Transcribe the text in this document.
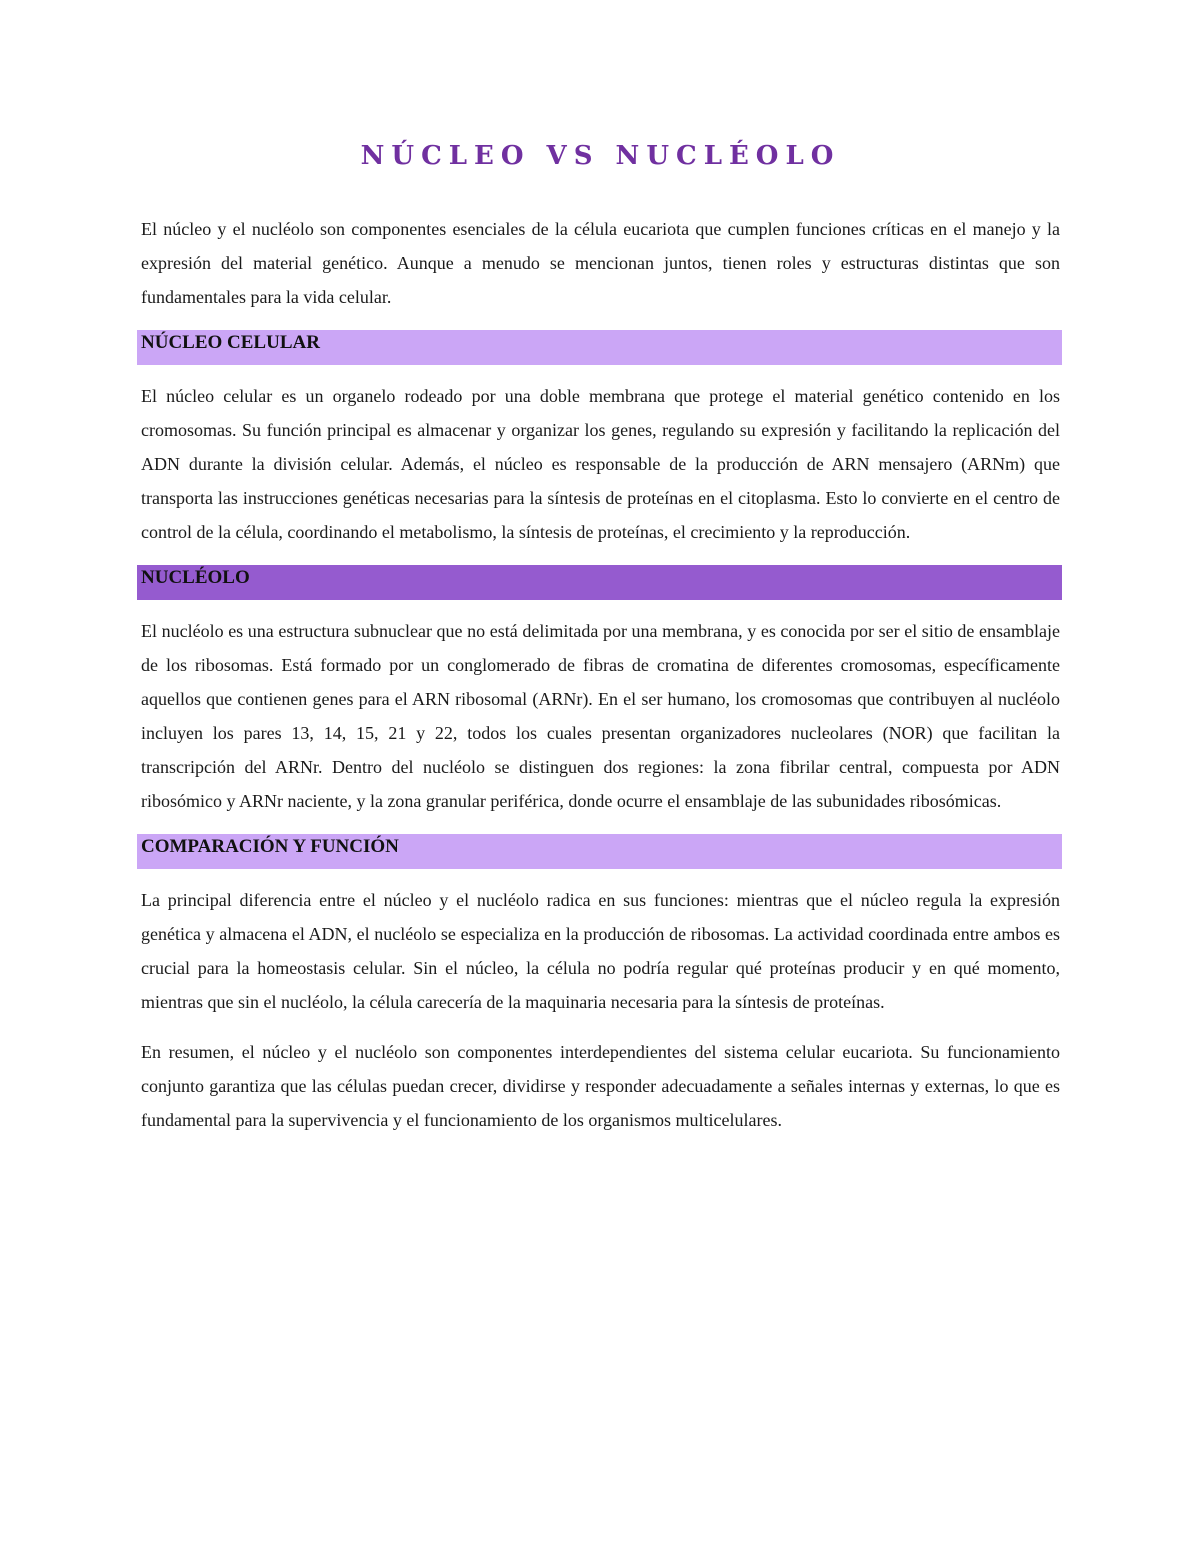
NÚCLEO VS NUCLÉOLO

El núcleo y el nucléolo son componentes esenciales de la célula eucariota que cumplen funciones críticas en el manejo y la expresión del material genético. Aunque a menudo se mencionan juntos, tienen roles y estructuras distintas que son fundamentales para la vida celular.

NÚCLEO CELULAR

El núcleo celular es un organelo rodeado por una doble membrana que protege el material genético contenido en los cromosomas. Su función principal es almacenar y organizar los genes, regulando su expresión y facilitando la replicación del ADN durante la división celular. Además, el núcleo es responsable de la producción de ARN mensajero (ARNm) que transporta las instrucciones genéticas necesarias para la síntesis de proteínas en el citoplasma. Esto lo convierte en el centro de control de la célula, coordinando el metabolismo, la síntesis de proteínas, el crecimiento y la reproducción.

NUCLÉOLO

El nucléolo es una estructura subnuclear que no está delimitada por una membrana, y es conocida por ser el sitio de ensamblaje de los ribosomas. Está formado por un conglomerado de fibras de cromatina de diferentes cromosomas, específicamente aquellos que contienen genes para el ARN ribosomal (ARNr). En el ser humano, los cromosomas que contribuyen al nucléolo incluyen los pares 13, 14, 15, 21 y 22, todos los cuales presentan organizadores nucleolares (NOR) que facilitan la transcripción del ARNr. Dentro del nucléolo se distinguen dos regiones: la zona fibrilar central, compuesta por ADN ribosómico y ARNr naciente, y la zona granular periférica, donde ocurre el ensamblaje de las subunidades ribosómicas.

COMPARACIÓN Y FUNCIÓN

La principal diferencia entre el núcleo y el nucléolo radica en sus funciones: mientras que el núcleo regula la expresión genética y almacena el ADN, el nucléolo se especializa en la producción de ribosomas. La actividad coordinada entre ambos es crucial para la homeostasis celular. Sin el núcleo, la célula no podría regular qué proteínas producir y en qué momento, mientras que sin el nucléolo, la célula carecería de la maquinaria necesaria para la síntesis de proteínas.

En resumen, el núcleo y el nucléolo son componentes interdependientes del sistema celular eucariota. Su funcionamiento conjunto garantiza que las células puedan crecer, dividirse y responder adecuadamente a señales internas y externas, lo que es fundamental para la supervivencia y el funcionamiento de los organismos multicelulares.
